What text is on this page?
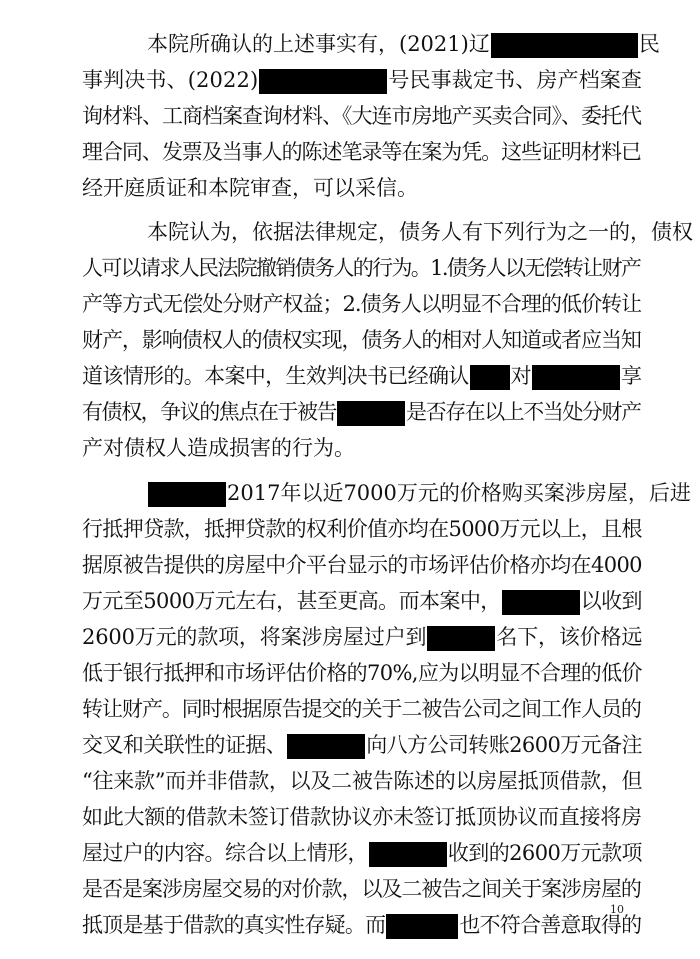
本院所确认的上述事实有，(2021)辽	民
事判决书、(2022)	号民事裁定书、房产档案查
询材料、工商档案查询材料、《大连市房地产买卖合同》、委托代
理合同、发票及当事人的陈述笔录等在案为凭。这些证明材料已
经开庭质证和本院审查，可以采信。
本院认为，依据法律规定，债务人有下列行为之一的，债权
人可以请求人民法院撤销债务人的行为。1.债务人以无偿转让财产
产等方式无偿处分财产权益；2.债务人以明显不合理的低价转让
财产，影响债权人的债权实现，债务人的相对人知道或者应当知
道该情形的。本案中，生效判决书已经确认 对	享
有债权，争议的焦点在于被告	是否存在以上不当处分财产
产对债权人造成损害的行为。
2017年以近7000万元的价格购买案涉房屋，后进
行抵押贷款，抵押贷款的权利价值亦均在5000万元以上，且根
据原被告提供的房屋中介平台显示的市场评估价格亦均在4000
万元至5000万元左右，甚至更高。而本案中，	以收到
2600万元的款项，将案涉房屋过户到	名下，该价格远
低于银行抵押和市场评估价格的70%,应为以明显不合理的低价
转让财产。同时根据原告提交的关于二被告公司之间工作人员的
交叉和关联性的证据、	向八方公司转账2600万元备注
“往来款”而并非借款，以及二被告陈述的以房屋抵顶借款，但
如此大额的借款未签订借款协议亦未签订抵顶协议而直接将房
屋过户的内容。综合以上情形，	收到的2600万元款项
是否是案涉房屋交易的对价款，以及二被告之间关于案涉房屋的
抵顶是基于借款的真实性存疑。而	也不符合善意取得的
10
